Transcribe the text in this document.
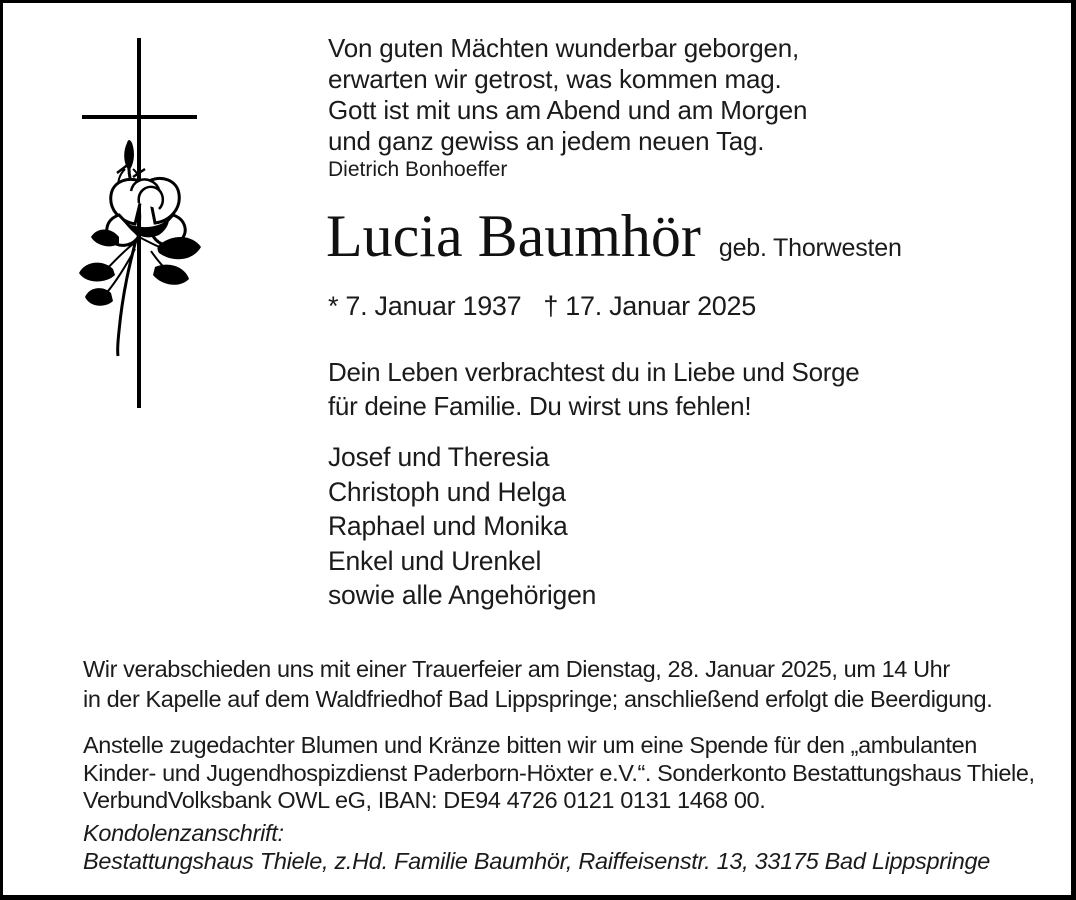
Von guten Mächten wunderbar geborgen,
erwarten wir getrost, was kommen mag.
Gott ist mit uns am Abend und am Morgen
und ganz gewiss an jedem neuen Tag.
Dietrich Bonhoeffer
Lucia Baumhör geb. Thorwesten
* 7. Januar 1937 † 17. Januar 2025
Dein Leben verbrachtest du in Liebe und Sorge
für deine Familie. Du wirst uns fehlen!
Josef und Theresia
Christoph und Helga
Raphael und Monika
Enkel und Urenkel
sowie alle Angehörigen
Wir verabschieden uns mit einer Trauerfeier am Dienstag, 28. Januar 2025, um 14 Uhr
in der Kapelle auf dem Waldfriedhof Bad Lippspringe; anschließend erfolgt die Beerdigung.
Anstelle zugedachter Blumen und Kränze bitten wir um eine Spende für den „ambulanten
Kinder- und Jugendhospizdienst Paderborn-Höxter e.V.“. Sonderkonto Bestattungshaus Thiele,
VerbundVolksbank OWL eG, IBAN: DE94 4726 0121 0131 1468 00.
Kondolenzanschrift:
Bestattungshaus Thiele, z.Hd. Familie Baumhör, Raiffeisenstr. 13, 33175 Bad Lippspringe
